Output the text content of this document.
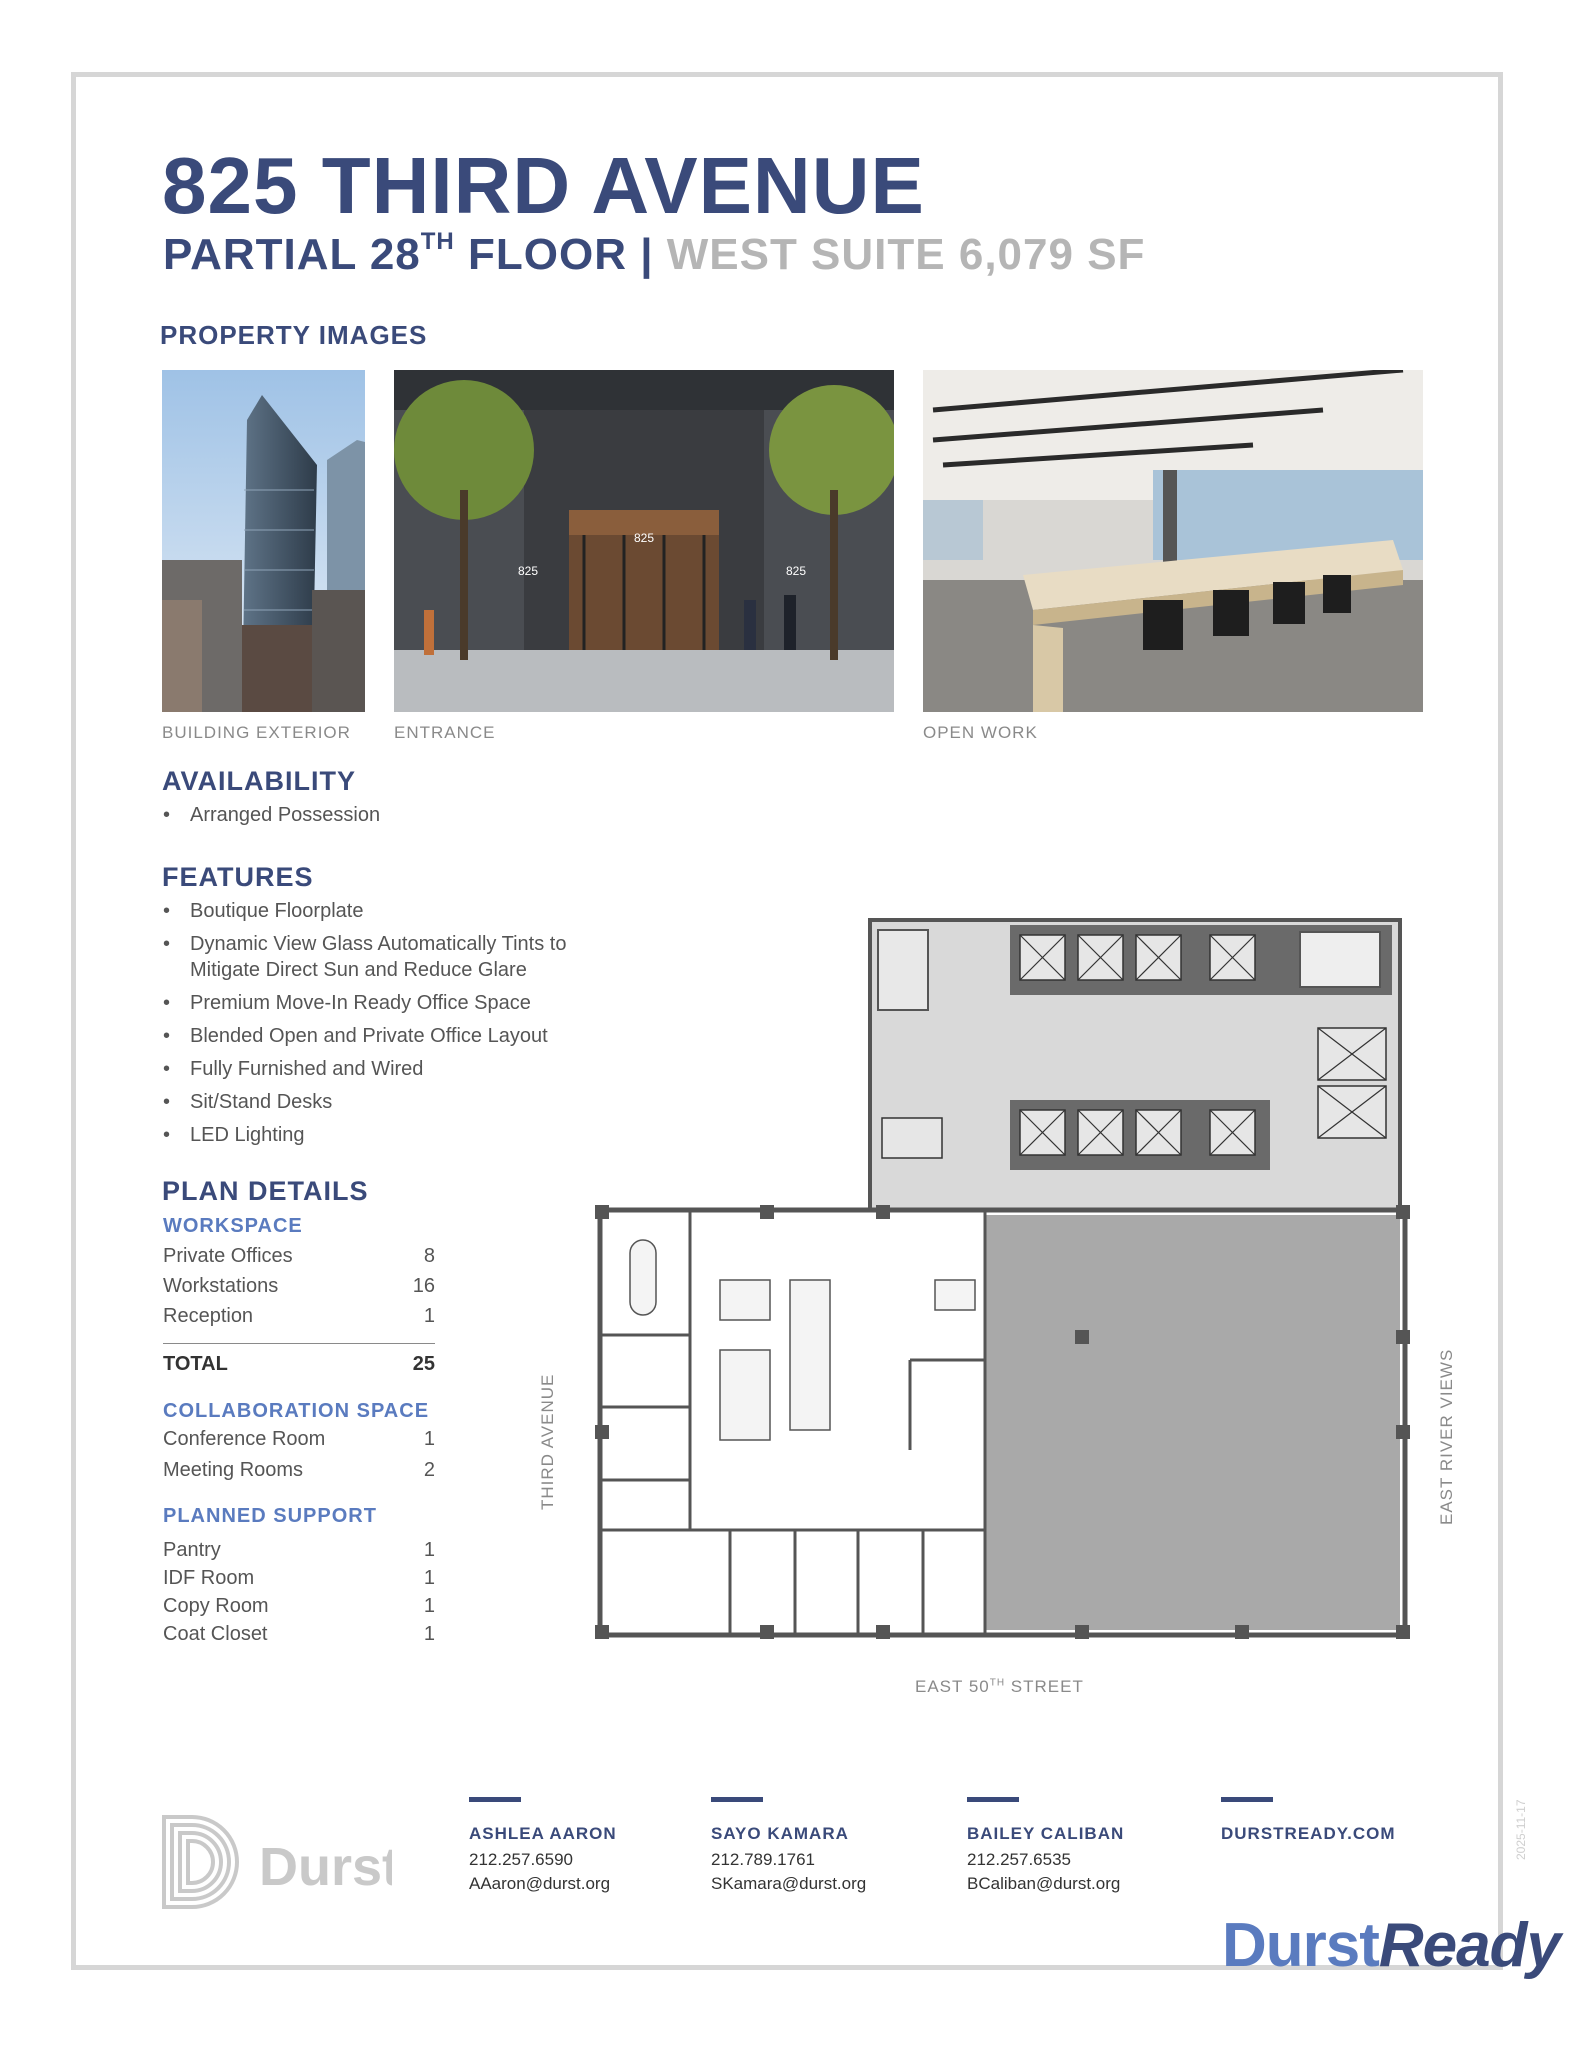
825 THIRD AVENUE
PARTIAL 28TH FLOOR | WEST SUITE 6,079 SF
PROPERTY IMAGES
825	825
825
BUILDING EXTERIOR	ENTRANCE	OPEN WORK
AVAILABILITY
• Arranged Possession
FEATURES
• Boutique Floorplate
• Dynamic View Glass Automatically Tints to Mitigate Direct Sun and Reduce Glare
• Premium Move-In Ready Office Space
• Blended Open and Private Office Layout
• Fully Furnished and Wired
• Sit/Stand Desks
• LED Lighting
PLAN DETAILS
WORKSPACE
Private Offices	8
Workstations	16
Reception	1
TOTAL	25
COLLABORATION SPACE
Conference Room	1
Meeting Rooms	2
PLANNED SUPPORT
Pantry	1
IDF Room	1
Copy Room	1
Coat Closet	1
THIRD AVENUE	EAST RIVER VIEWS
EAST 50TH STREET
Durst
ASHLEA AARON
212.257.6590
AAaron@durst.org
SAYO KAMARA
212.789.1761
SKamara@durst.org
BAILEY CALIBAN
212.257.6535
BCaliban@durst.org
DURSTREADY.COM	2025-11-17
DurstReady
